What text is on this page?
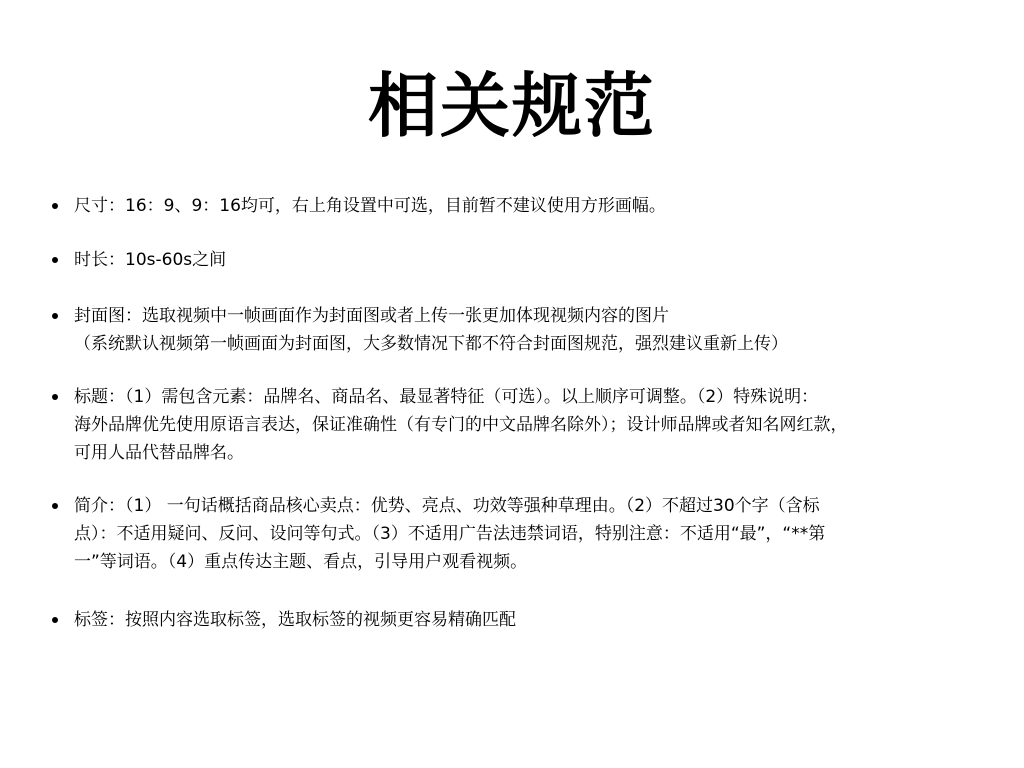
相关规范
尺寸：16：9、9：16均可，右上角设置中可选，目前暂不建议使用方形画幅。
时长：10s-60s之间
封面图：选取视频中一帧画面作为封面图或者上传一张更加体现视频内容的图片
（系统默认视频第一帧画面为封面图，大多数情况下都不符合封面图规范，强烈建议重新上传）
标题：（1）需包含元素：品牌名、商品名、最显著特征（可选）。以上顺序可调整。（2）特殊说明：
海外品牌优先使用原语言表达，保证准确性（有专门的中文品牌名除外）；设计师品牌或者知名网红款，
可用人品代替品牌名。
简介：（1） 一句话概括商品核心卖点：优势、亮点、功效等强种草理由。（2）不超过30个字（含标
点）：不适用疑问、反问、设问等句式。（3）不适用广告法违禁词语，特别注意：不适用“最”，“**第
一”等词语。（4）重点传达主题、看点，引导用户观看视频。
标签：按照内容选取标签，选取标签的视频更容易精确匹配
